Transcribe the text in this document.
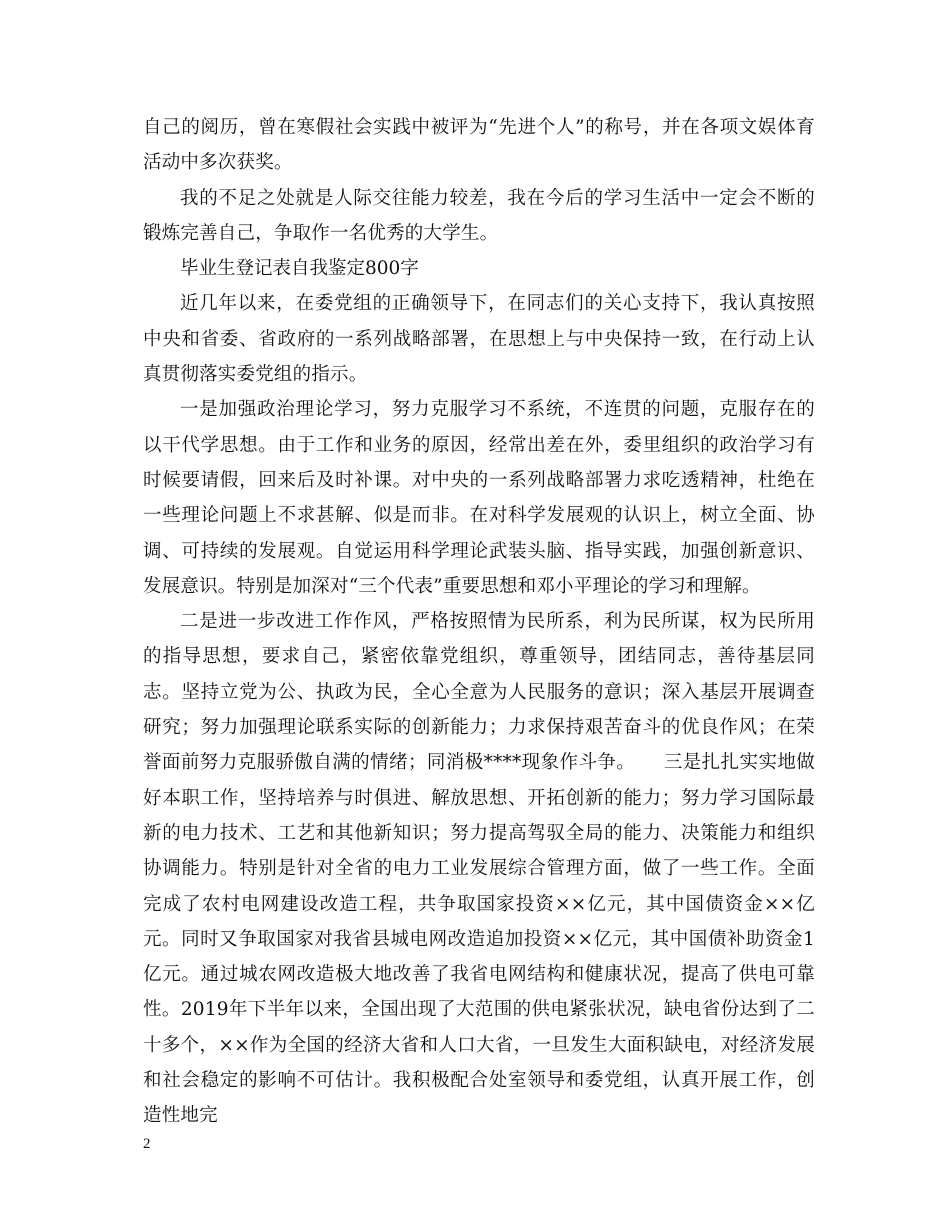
自己的阅历，曾在寒假社会实践中被评为“先进个人”的称号，并在各项文娱体育活动中多次获奖。

我的不足之处就是人际交往能力较差，我在今后的学习生活中一定会不断的锻炼完善自己，争取作一名优秀的大学生。

毕业生登记表自我鉴定800字

近几年以来，在委党组的正确领导下，在同志们的关心支持下，我认真按照中央和省委、省政府的一系列战略部署，在思想上与中央保持一致，在行动上认真贯彻落实委党组的指示。

一是加强政治理论学习，努力克服学习不系统，不连贯的问题，克服存在的以干代学思想。由于工作和业务的原因，经常出差在外，委里组织的政治学习有时候要请假，回来后及时补课。对中央的一系列战略部署力求吃透精神，杜绝在一些理论问题上不求甚解、似是而非。在对科学发展观的认识上，树立全面、协调、可持续的发展观。自觉运用科学理论武装头脑、指导实践，加强创新意识、发展意识。特别是加深对“三个代表”重要思想和邓小平理论的学习和理解。

二是进一步改进工作作风，严格按照情为民所系，利为民所谋，权为民所用的指导思想，要求自己，紧密依靠党组织，尊重领导，团结同志，善待基层同志。坚持立党为公、执政为民，全心全意为人民服务的意识；深入基层开展调查研究；努力加强理论联系实际的创新能力；力求保持艰苦奋斗的优良作风；在荣誉面前努力克服骄傲自满的情绪；同消极****现象作斗争。　　三是扎扎实实地做好本职工作，坚持培养与时俱进、解放思想、开拓创新的能力；努力学习国际最新的电力技术、工艺和其他新知识；努力提高驾驭全局的能力、决策能力和组织协调能力。特别是针对全省的电力工业发展综合管理方面，做了一些工作。全面完成了农村电网建设改造工程，共争取国家投资××亿元，其中国债资金××亿元。同时又争取国家对我省县城电网改造追加投资××亿元，其中国债补助资金1亿元。通过城农网改造极大地改善了我省电网结构和健康状况，提高了供电可靠性。2019年下半年以来，全国出现了大范围的供电紧张状况，缺电省份达到了二十多个，××作为全国的经济大省和人口大省，一旦发生大面积缺电，对经济发展和社会稳定的影响不可估计。我积极配合处室领导和委党组，认真开展工作，创造性地完

2
